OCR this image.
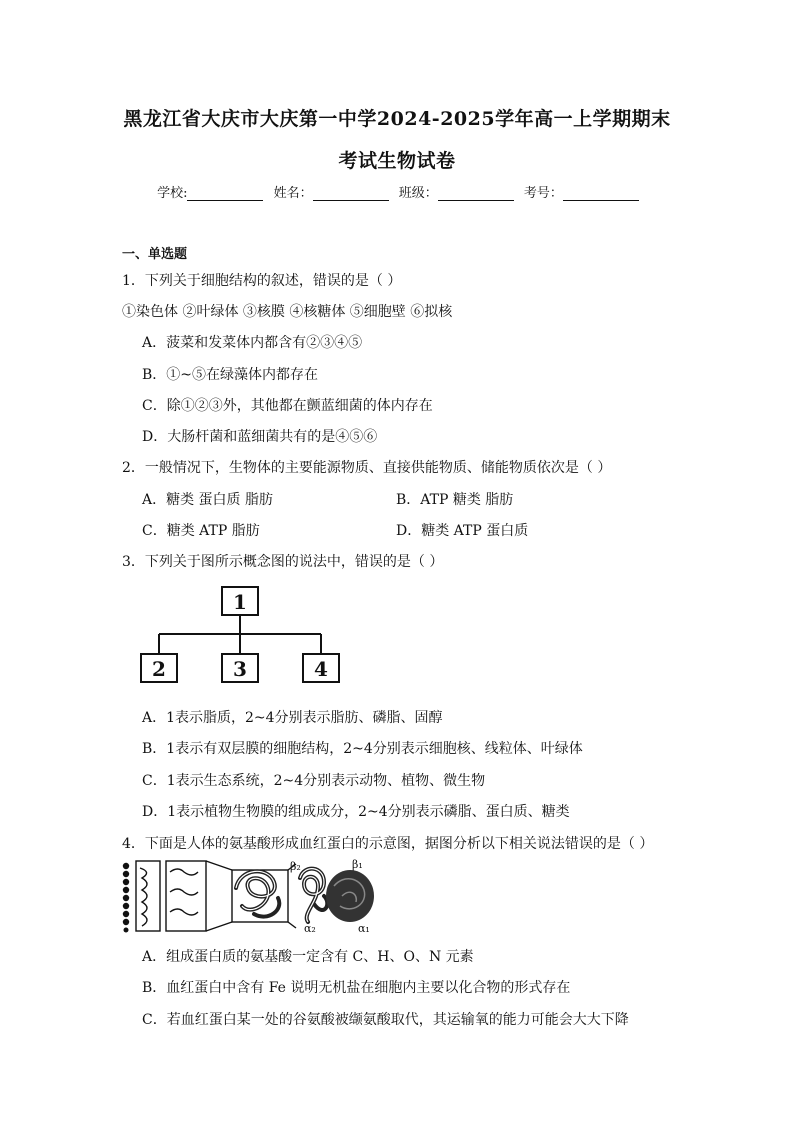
黑龙江省大庆市大庆第一中学2024-2025学年高一上学期期末
考试生物试卷
学校:	姓名：	班级：	考号：
一、单选题
1．下列关于细胞结构的叙述，错误的是（ ）
①染色体 ②叶绿体 ③核膜 ④核糖体 ⑤细胞壁 ⑥拟核
A．菠菜和发菜体内都含有②③④⑤
B．①~⑤在绿藻体内都存在
C．除①②③外，其他都在颤蓝细菌的体内存在
D．大肠杆菌和蓝细菌共有的是④⑤⑥
2．一般情况下，生物体的主要能源物质、直接供能物质、储能物质依次是（ ）
A．糖类 蛋白质 脂肪	B．ATP 糖类 脂肪
C．糖类 ATP 脂肪	D．糖类 ATP 蛋白质
3．下列关于图所示概念图的说法中，错误的是（ ）
1
2	3	4
A．1表示脂质，2~4分别表示脂肪、磷脂、固醇
B．1表示有双层膜的细胞结构，2~4分别表示细胞核、线粒体、叶绿体
C．1表示生态系统，2~4分别表示动物、植物、微生物
D．1表示植物生物膜的组成成分，2~4分别表示磷脂、蛋白质、糖类
4．下面是人体的氨基酸形成血红蛋白的示意图，据图分析以下相关说法错误的是（ ）
β₂	β₁
α₂	α₁
A．组成蛋白质的氨基酸一定含有 C、H、O、N 元素
B．血红蛋白中含有 Fe 说明无机盐在细胞内主要以化合物的形式存在
C．若血红蛋白某一处的谷氨酸被缬氨酸取代，其运输氧的能力可能会大大下降
